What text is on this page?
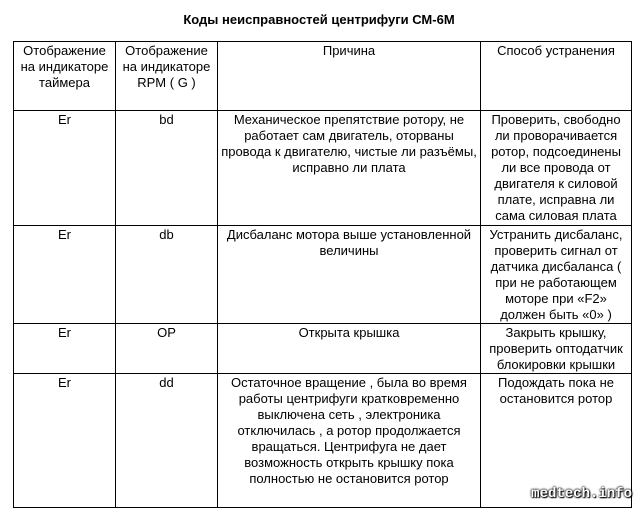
Коды неисправностей центрифуги СМ-6М
Отображение на индикаторе таймера	Отображение на индикаторе RPM ( G )	Причина	Способ устранения
Er	bd	Механическое препятствие ротору, не работает сам двигатель, оторваны провода к двигателю, чистые ли разъёмы, исправно ли плата	Проверить, свободно ли проворачивается ротор, подсоединены ли все провода от двигателя к силовой плате, исправна ли сама силовая плата
Er	db	Дисбаланс мотора выше установленной величины	Устранить дисбаланс, проверить сигнал от датчика дисбаланса ( при не работающем моторе при «F2» должен быть «0» )
Er	OP	Открыта крышка	Закрыть крышку, проверить оптодатчик блокировки крышки
Er	dd	Остаточное вращение , была во время работы центрифуги кратковременно выключена сеть , электроника отключилась , а ротор продолжается вращаться. Центрифуга не дает возможность открыть крышку пока полностью не остановится ротор	Подождать пока не остановится ротор
medtech.info
